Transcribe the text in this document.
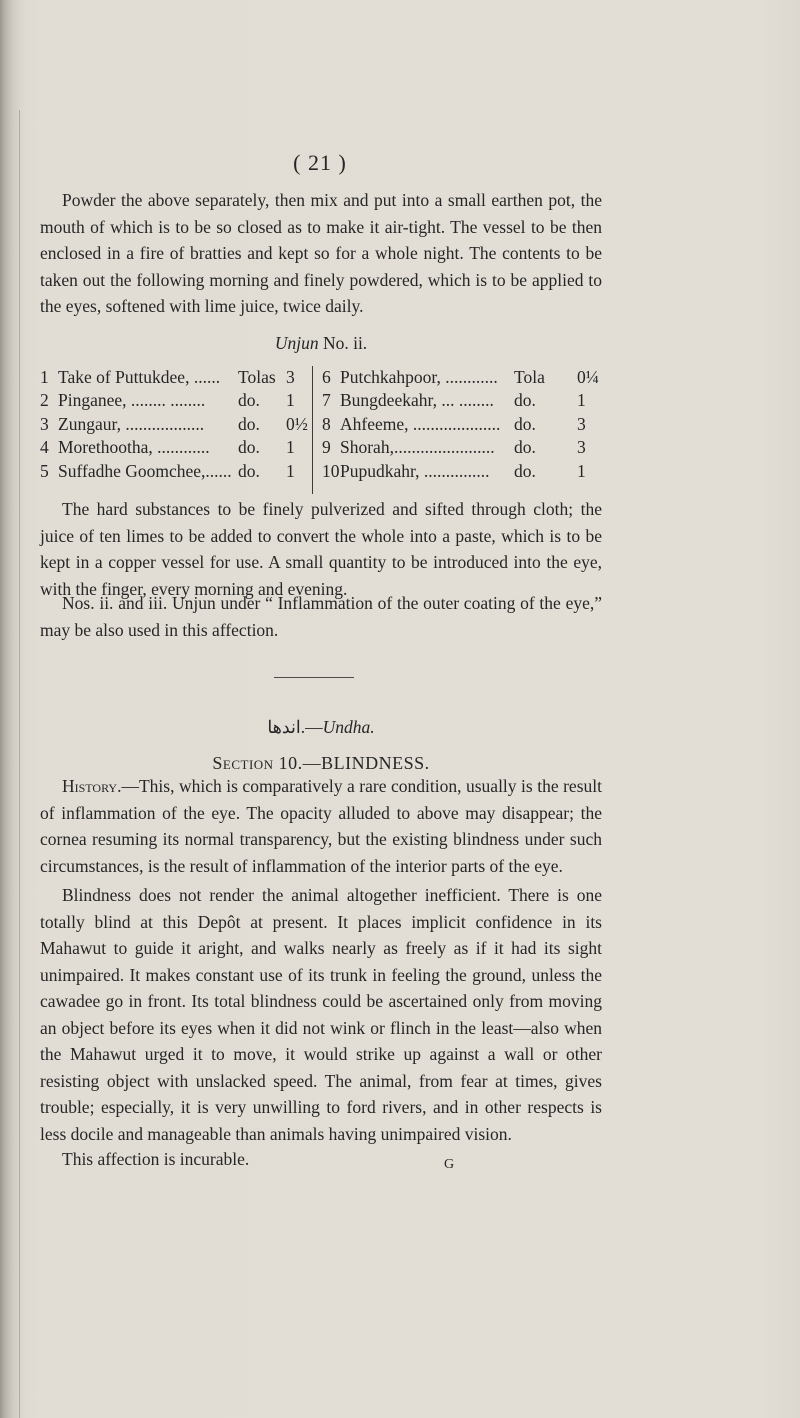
( 21 )

Powder the above separately, then mix and put into a small earthen pot, the mouth of which is to be so closed as to make it air-tight. The vessel to be then enclosed in a fire of bratties and kept so for a whole night. The contents to be taken out the following morning and finely powdered, which is to be applied to the eyes, softened with lime juice, twice daily.

Unjun No. ii.
1 Take of Puttukdee, ...... Tolas 3
2 Pinganee, ........ ........ do. 1
3 Zungaur, .................. do. 0½
4 Morethootha, ............ do. 1
5 Suffadhe Goomchee,...... do. 1
6 Putchkahpoor, ............ Tola 0¼
7 Bungdeekahr, ... ........ do. 1
8 Ahfeeme, .................... do. 3
9 Shorah,....................... do. 3
10 Pupudkahr, ............... do. 1

The hard substances to be finely pulverized and sifted through cloth; the juice of ten limes to be added to convert the whole into a paste, which is to be kept in a copper vessel for use. A small quantity to be introduced into the eye, with the finger, every morning and evening.

Nos. ii. and iii. Unjun under “ Inflammation of the outer coating of the eye,” may be also used in this affection.

اندها.—Undha.
Section 10.—BLINDNESS.

History.—This, which is comparatively a rare condition, usually is the result of inflammation of the eye. The opacity alluded to above may disappear; the cornea resuming its normal transparency, but the existing blindness under such circumstances, is the result of inflammation of the interior parts of the eye.

Blindness does not render the animal altogether inefficient. There is one totally blind at this Depôt at present. It places implicit confidence in its Mahawut to guide it aright, and walks nearly as freely as if it had its sight unimpaired. It makes constant use of its trunk in feeling the ground, unless the cawadee go in front. Its total blindness could be ascertained only from moving an object before its eyes when it did not wink or flinch in the least—also when the Mahawut urged it to move, it would strike up against a wall or other resisting object with unslacked speed. The animal, from fear at times, gives trouble; especially, it is very unwilling to ford rivers, and in other respects is less docile and manageable than animals having unimpaired vision.

This affection is incurable.	G
